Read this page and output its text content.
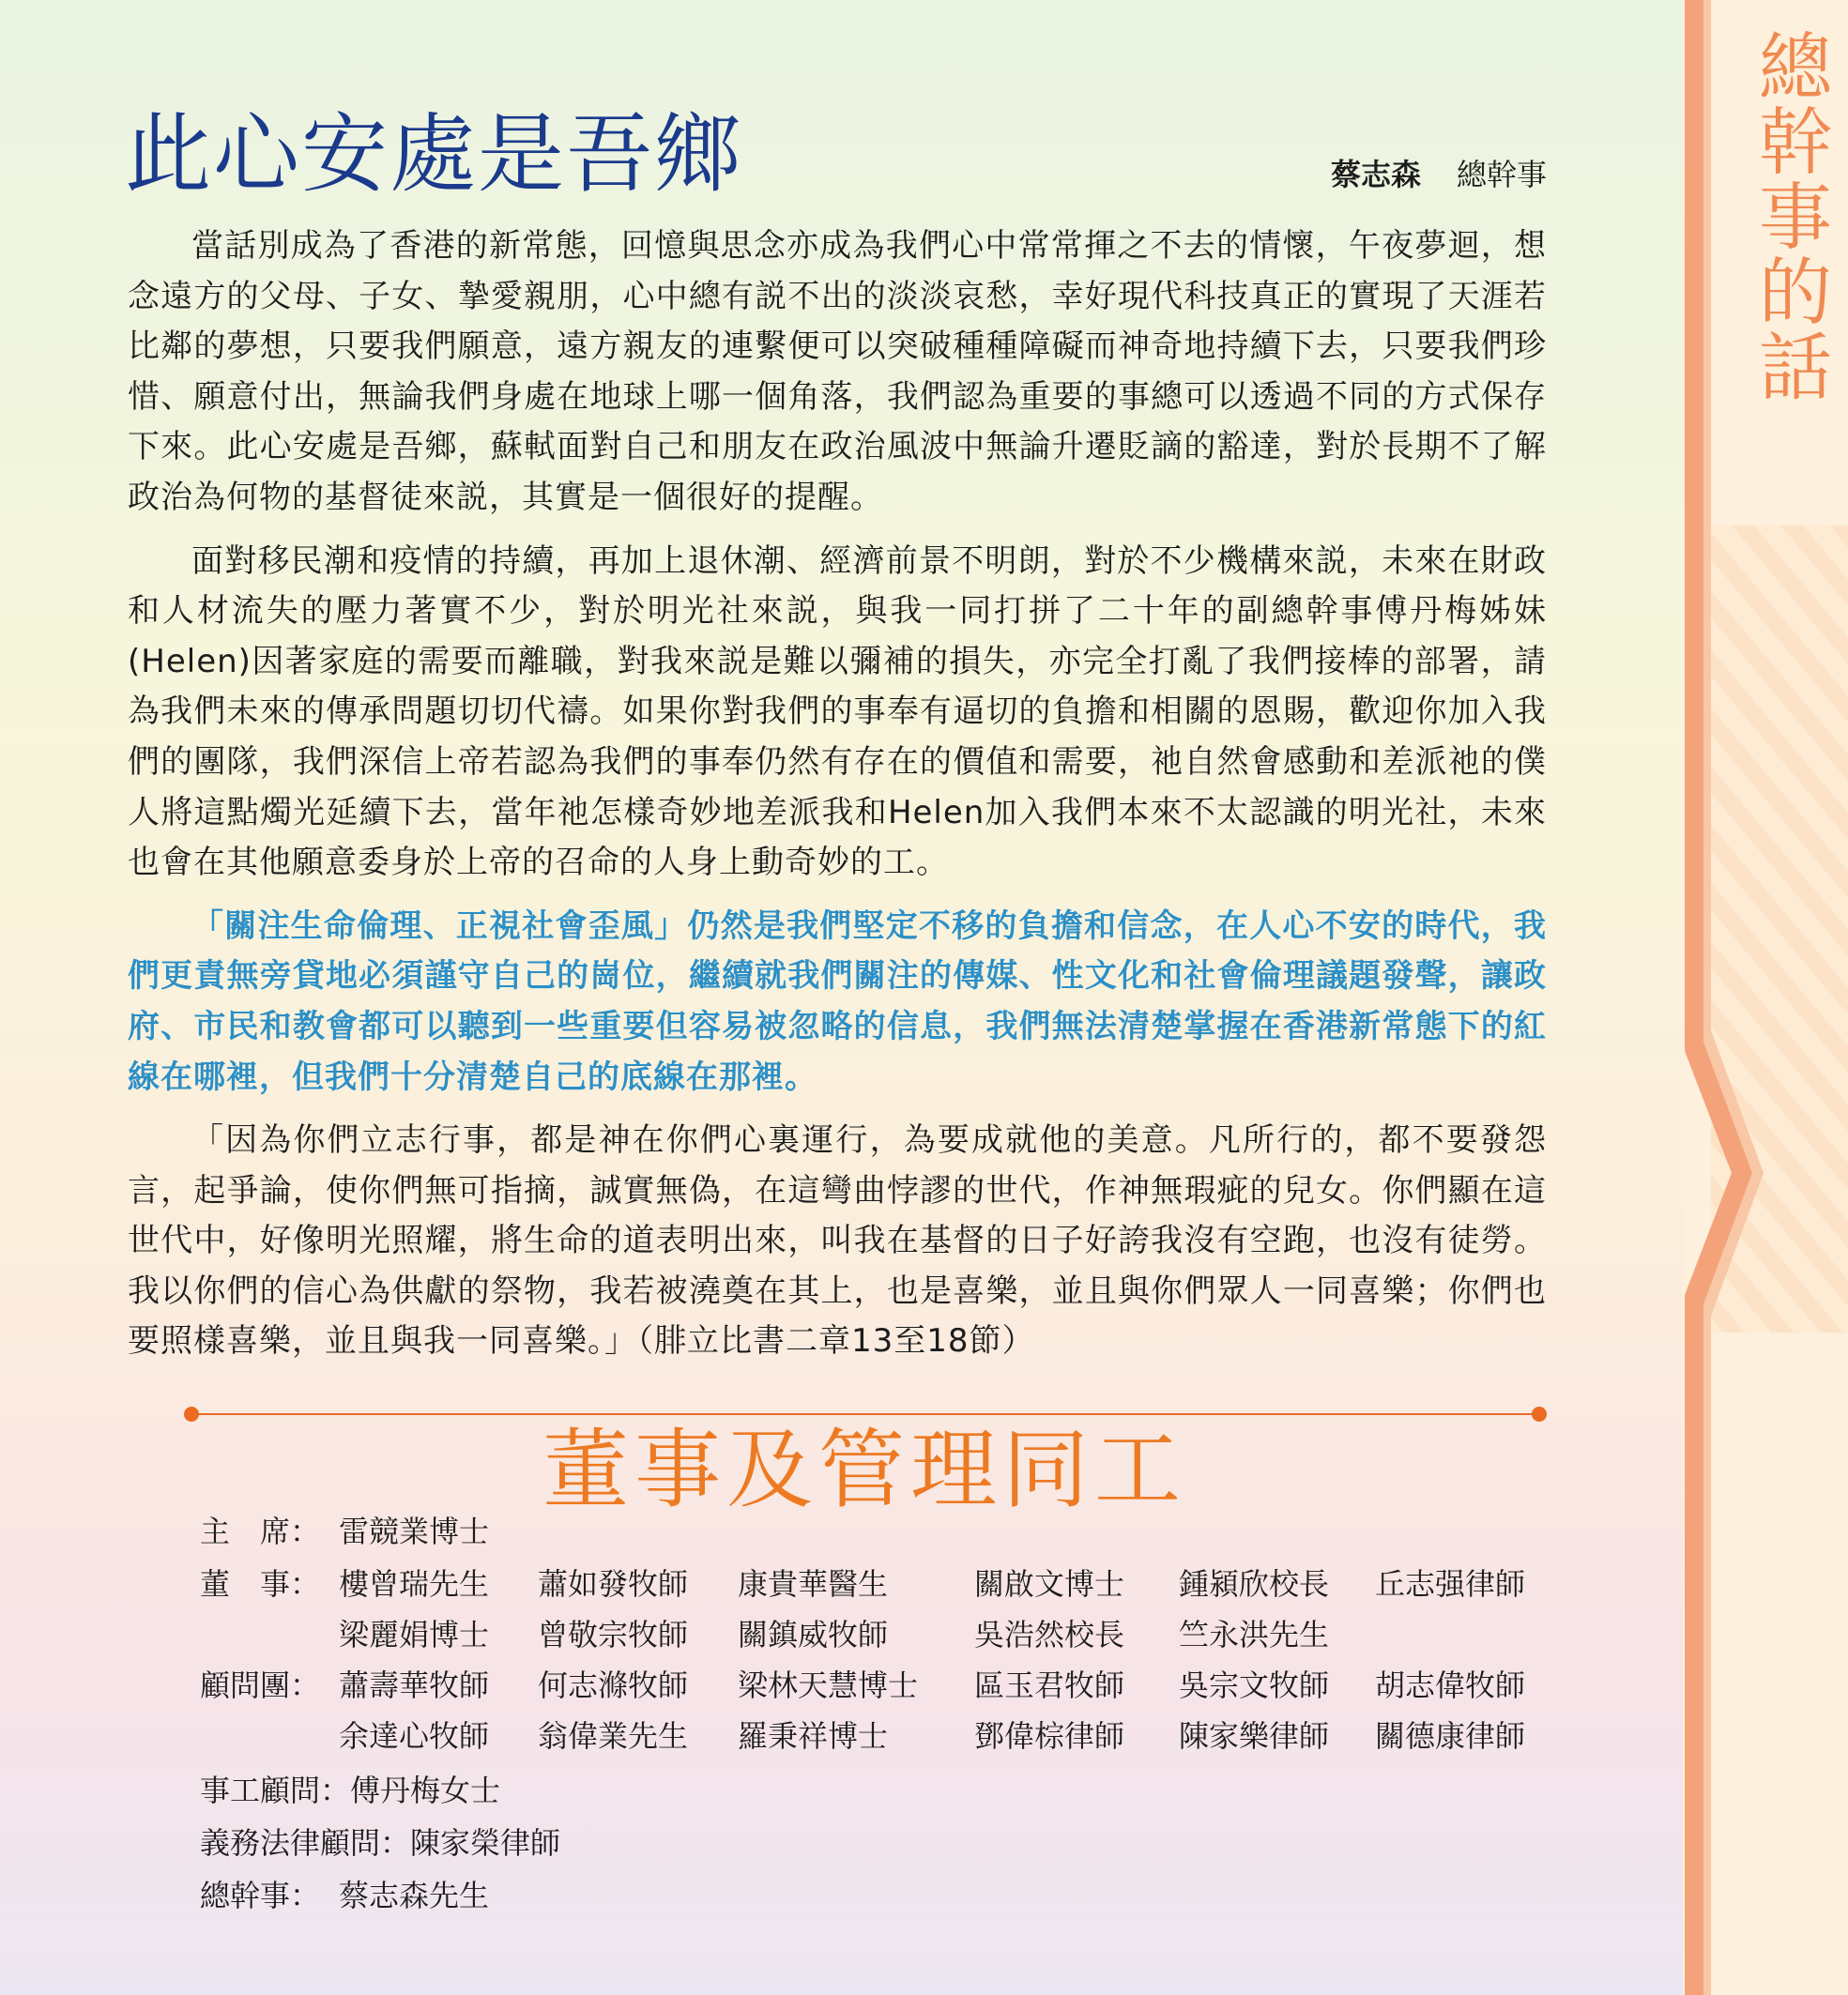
總幹事的話
此心安處是吾鄉	蔡志森 總幹事

當話別成為了香港的新常態，回憶與思念亦成為我們心中常常揮之不去的情懷，午夜夢迴，想念遠方的父母、子女、摯愛親朋，心中總有説不出的淡淡哀愁，幸好現代科技真正的實現了天涯若比鄰的夢想，只要我們願意，遠方親友的連繫便可以突破種種障礙而神奇地持續下去，只要我們珍惜、願意付出，無論我們身處在地球上哪一個角落，我們認為重要的事總可以透過不同的方式保存下來。此心安處是吾鄉，蘇軾面對自己和朋友在政治風波中無論升遷貶謫的豁達，對於長期不了解政治為何物的基督徒來説，其實是一個很好的提醒。

面對移民潮和疫情的持續，再加上退休潮、經濟前景不明朗，對於不少機構來説，未來在財政和人材流失的壓力著實不少，對於明光社來説，與我一同打拼了二十年的副總幹事傅丹梅姊妹(Helen)因著家庭的需要而離職，對我來説是難以彌補的損失，亦完全打亂了我們接棒的部署，請為我們未來的傳承問題切切代禱。如果你對我們的事奉有逼切的負擔和相關的恩賜，歡迎你加入我們的團隊，我們深信上帝若認為我們的事奉仍然有存在的價值和需要，祂自然會感動和差派祂的僕人將這點燭光延續下去，當年祂怎樣奇妙地差派我和Helen加入我們本來不太認識的明光社，未來也會在其他願意委身於上帝的召命的人身上動奇妙的工。

「關注生命倫理、正視社會歪風」仍然是我們堅定不移的負擔和信念，在人心不安的時代，我們更責無旁貸地必須謹守自己的崗位，繼續就我們關注的傳媒、性文化和社會倫理議題發聲，讓政府、市民和教會都可以聽到一些重要但容易被忽略的信息，我們無法清楚掌握在香港新常態下的紅線在哪裡，但我們十分清楚自己的底線在那裡。

「因為你們立志行事，都是神在你們心裏運行，為要成就他的美意。凡所行的，都不要發怨言，起爭論，使你們無可指摘，誠實無偽，在這彎曲悖謬的世代，作神無瑕疵的兒女。你們顯在這世代中，好像明光照耀，將生命的道表明出來，叫我在基督的日子好誇我沒有空跑，也沒有徒勞。我以你們的信心為供獻的祭物，我若被澆奠在其上，也是喜樂，並且與你們眾人一同喜樂；你們也要照樣喜樂，並且與我一同喜樂。」（腓立比書二章13至18節）

董事及管理同工
主　席： 雷競業博士
董　事： 樓曾瑞先生 蕭如發牧師 康貴華醫生	關啟文博士 鍾潁欣校長 丘志强律師
梁麗娟博士 曾敬宗牧師 關鎮威牧師	吳浩然校長 竺永洪先生
顧問團： 蕭壽華牧師 何志滌牧師 梁林天慧博士 區玉君牧師 吳宗文牧師 胡志偉牧師
余達心牧師 翁偉業先生 羅秉祥博士	鄧偉棕律師 陳家樂律師 關德康律師
事工顧問：傅丹梅女士
義務法律顧問：陳家榮律師
總幹事： 蔡志森先生
